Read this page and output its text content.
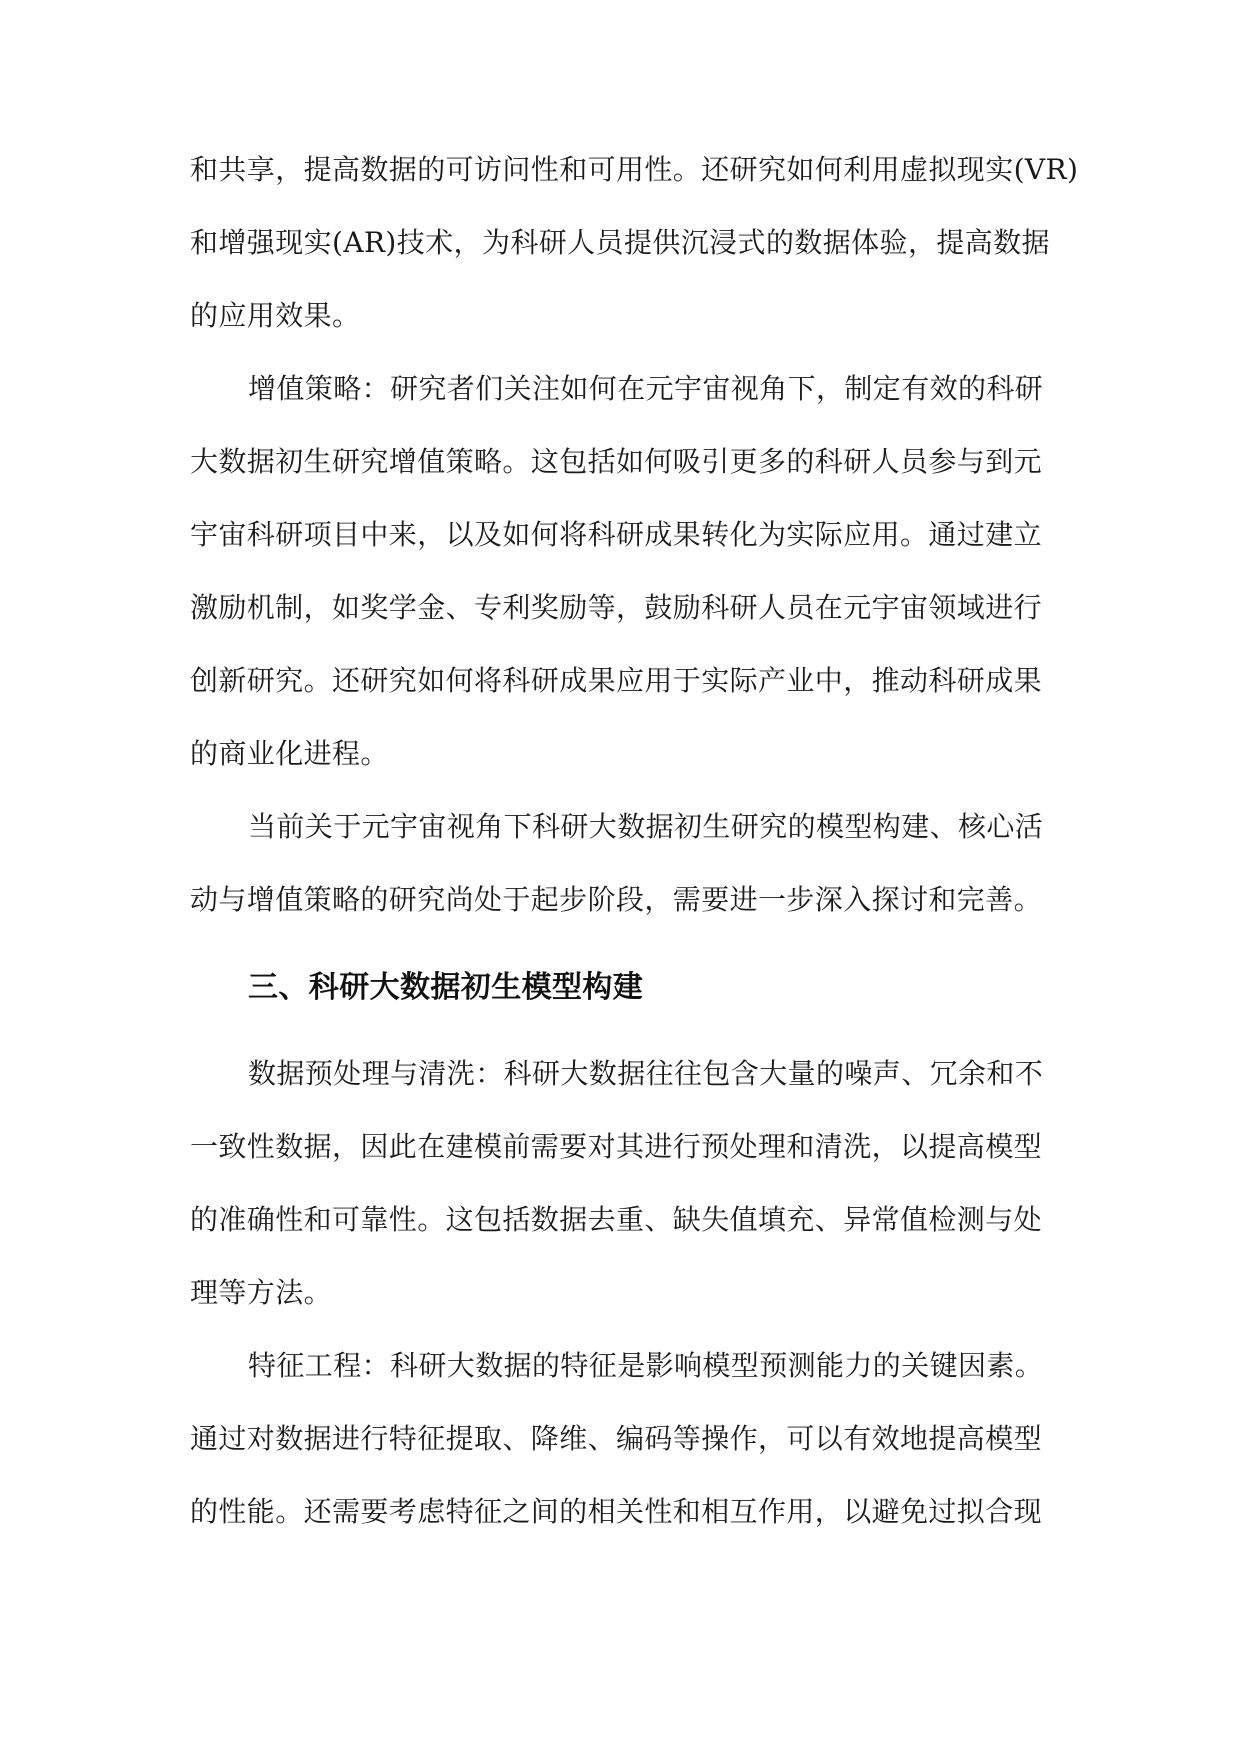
和共享，提高数据的可访问性和可用性。还研究如何利用虚拟现实(VR)

和增强现实(AR)技术，为科研人员提供沉浸式的数据体验，提高数据

的应用效果。

增值策略：研究者们关注如何在元宇宙视角下，制定有效的科研

大数据初生研究增值策略。这包括如何吸引更多的科研人员参与到元

宇宙科研项目中来，以及如何将科研成果转化为实际应用。通过建立

激励机制，如奖学金、专利奖励等，鼓励科研人员在元宇宙领域进行

创新研究。还研究如何将科研成果应用于实际产业中，推动科研成果

的商业化进程。

当前关于元宇宙视角下科研大数据初生研究的模型构建、核心活

动与增值策略的研究尚处于起步阶段，需要进一步深入探讨和完善。

三、科研大数据初生模型构建

数据预处理与清洗：科研大数据往往包含大量的噪声、冗余和不

一致性数据，因此在建模前需要对其进行预处理和清洗，以提高模型

的准确性和可靠性。这包括数据去重、缺失值填充、异常值检测与处

理等方法。

特征工程：科研大数据的特征是影响模型预测能力的关键因素。

通过对数据进行特征提取、降维、编码等操作，可以有效地提高模型

的性能。还需要考虑特征之间的相关性和相互作用，以避免过拟合现
